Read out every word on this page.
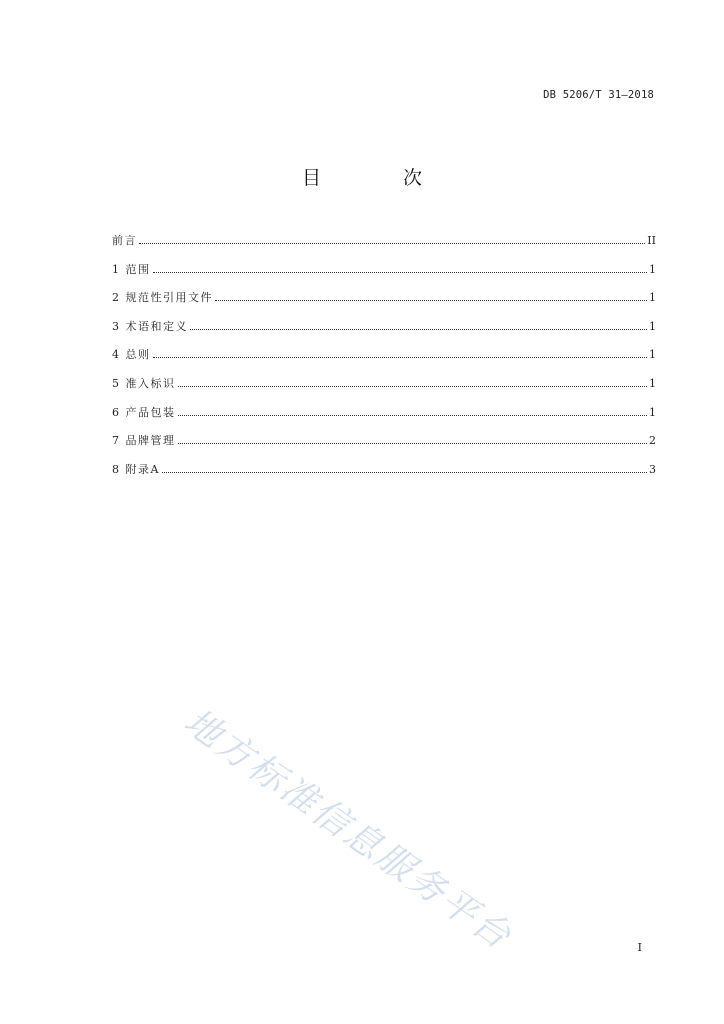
DB 5206/T 31—2018
目 次
前言	II
1 范围	1
2 规范性引用文件	1
3 术语和定义	1
4 总则	1
5 准入标识	1
6 产品包装	1
7 品牌管理	2
8 附录A	3
地方标准信息服务平台	I
